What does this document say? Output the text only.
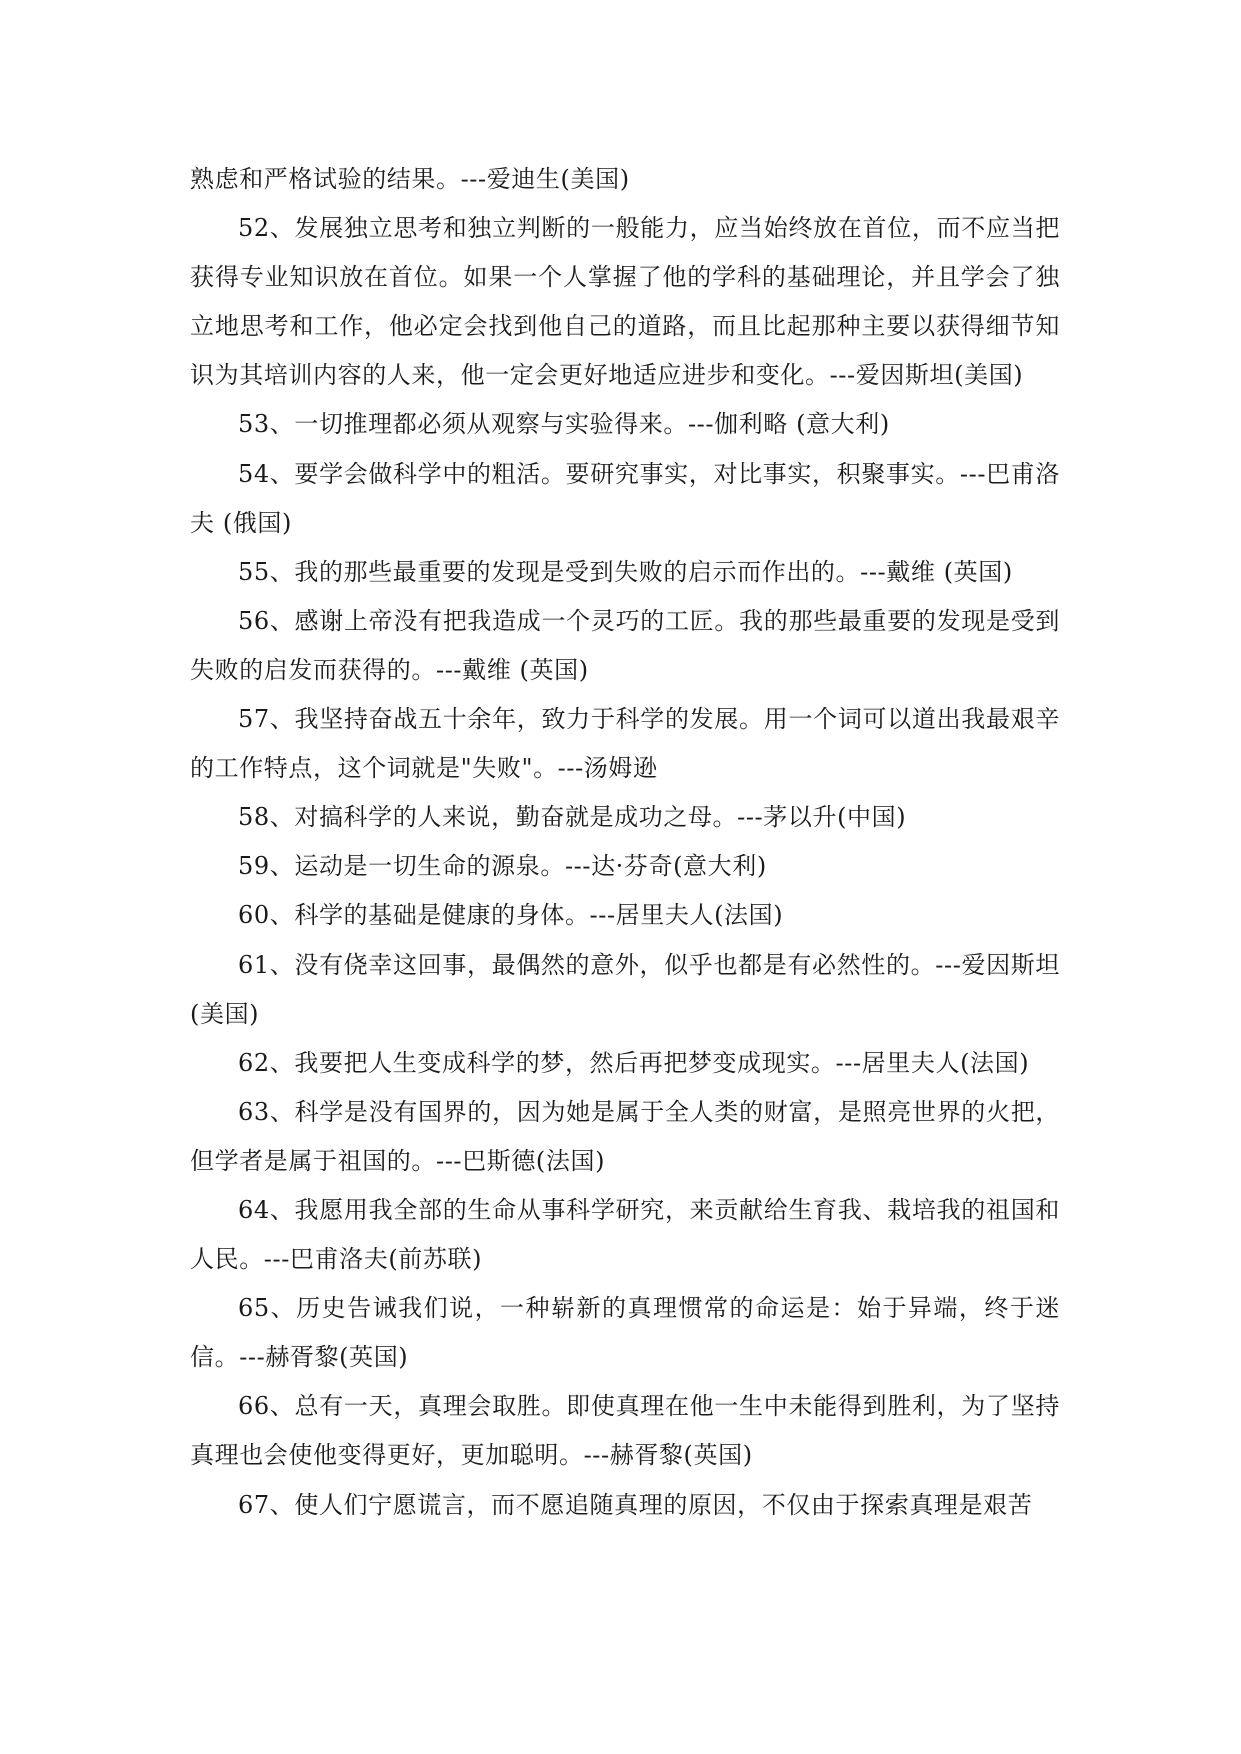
熟虑和严格试验的结果。---爱迪生(美国)

52、发展独立思考和独立判断的一般能力，应当始终放在首位，而不应当把获得专业知识放在首位。如果一个人掌握了他的学科的基础理论，并且学会了独立地思考和工作，他必定会找到他自己的道路，而且比起那种主要以获得细节知识为其培训内容的人来，他一定会更好地适应进步和变化。---爱因斯坦(美国)

53、一切推理都必须从观察与实验得来。---伽利略 (意大利)

54、要学会做科学中的粗活。要研究事实，对比事实，积聚事实。---巴甫洛夫 (俄国)

55、我的那些最重要的发现是受到失败的启示而作出的。---戴维 (英国)

56、感谢上帝没有把我造成一个灵巧的工匠。我的那些最重要的发现是受到失败的启发而获得的。---戴维 (英国)

57、我坚持奋战五十余年，致力于科学的发展。用一个词可以道出我最艰辛的工作特点，这个词就是"失败"。---汤姆逊

58、对搞科学的人来说，勤奋就是成功之母。---茅以升(中国)

59、运动是一切生命的源泉。---达·芬奇(意大利)

60、科学的基础是健康的身体。---居里夫人(法国)

61、没有侥幸这回事，最偶然的意外，似乎也都是有必然性的。---爱因斯坦(美国)

62、我要把人生变成科学的梦，然后再把梦变成现实。---居里夫人(法国)

63、科学是没有国界的，因为她是属于全人类的财富，是照亮世界的火把，但学者是属于祖国的。---巴斯德(法国)

64、我愿用我全部的生命从事科学研究，来贡献给生育我、栽培我的祖国和人民。---巴甫洛夫(前苏联)

65、历史告诫我们说，一种崭新的真理惯常的命运是：始于异端，终于迷信。---赫胥黎(英国)

66、总有一天，真理会取胜。即使真理在他一生中未能得到胜利，为了坚持真理也会使他变得更好，更加聪明。---赫胥黎(英国)

67、使人们宁愿谎言，而不愿追随真理的原因，不仅由于探索真理是艰苦
